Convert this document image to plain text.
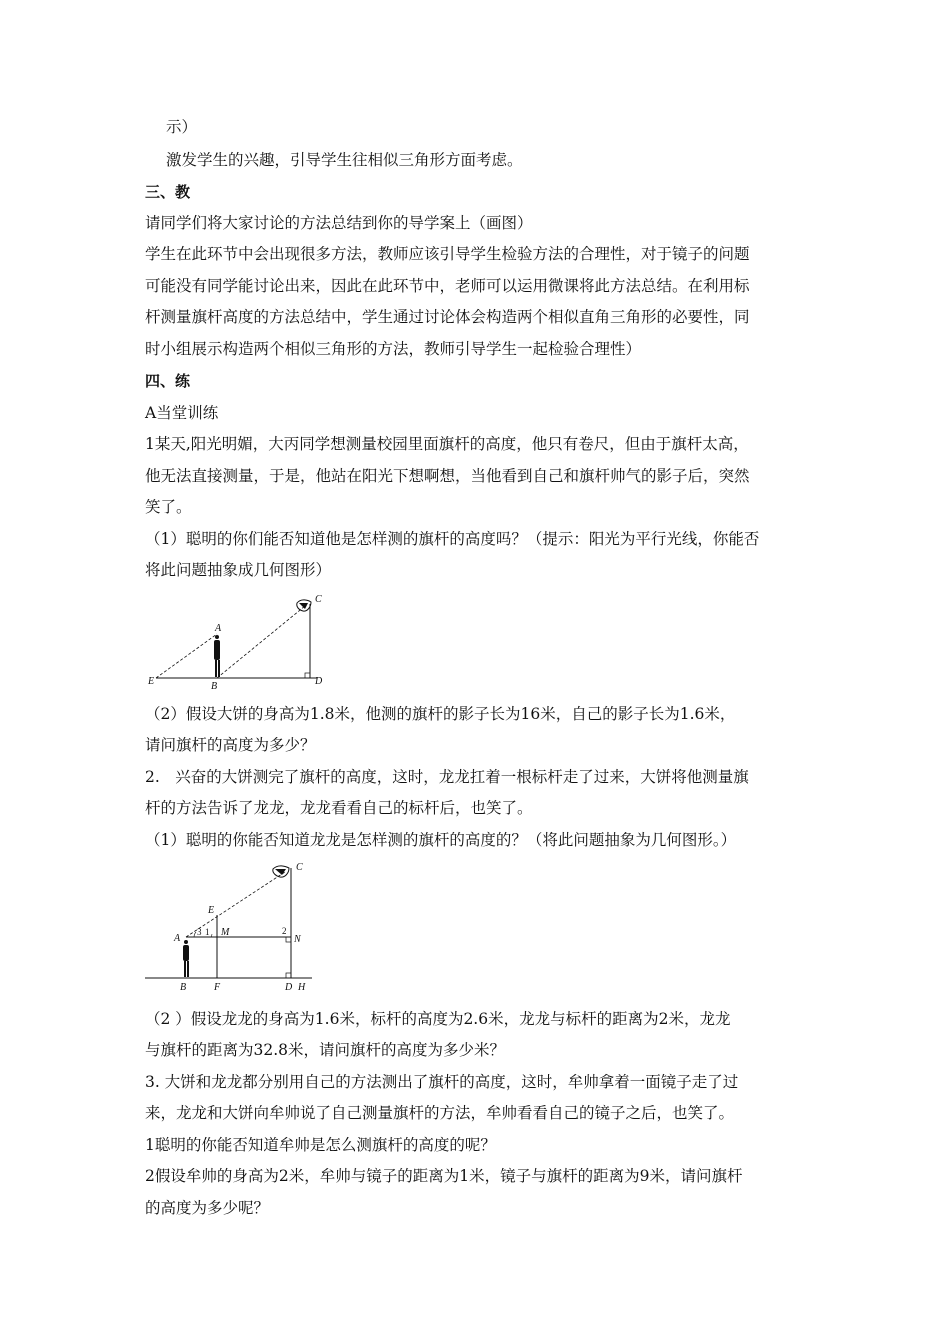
示）
激发学生的兴趣，引导学生往相似三角形方面考虑。
三、教
请同学们将大家讨论的方法总结到你的导学案上（画图）
学生在此环节中会出现很多方法，教师应该引导学生检验方法的合理性，对于镜子的问题
可能没有同学能讨论出来，因此在此环节中，老师可以运用微课将此方法总结。在利用标
杆测量旗杆高度的方法总结中，学生通过讨论体会构造两个相似直角三角形的必要性，同
时小组展示构造两个相似三角形的方法，教师引导学生一起检验合理性）
四、练
A当堂训练
1某天,阳光明媚，大丙同学想测量校园里面旗杆的高度，他只有卷尺，但由于旗杆太高，
他无法直接测量，于是，他站在阳光下想啊想，当他看到自己和旗杆帅气的影子后，突然
笑了。
（1）聪明的你们能否知道他是怎样测的旗杆的高度吗？（提示：阳光为平行光线，你能否
将此问题抽象成几何图形）
A
B
C
D
E
（2）假设大饼的身高为1.8米，他测的旗杆的影子长为16米，自己的影子长为1.6米，
请问旗杆的高度为多少？
2.　兴奋的大饼测完了旗杆的高度，这时，龙龙扛着一根标杆走了过来，大饼将他测量旗
杆的方法告诉了龙龙，龙龙看看自己的标杆后，也笑了。
（1）聪明的你能否知道龙龙是怎样测的旗杆的高度的？（将此问题抽象为几何图形。）
A
3 1 M
E
2
N
C
B	F	D H
（2 ）假设龙龙的身高为1.6米，标杆的高度为2.6米，龙龙与标杆的距离为2米，龙龙
与旗杆的距离为32.8米，请问旗杆的高度为多少米？
3. 大饼和龙龙都分别用自己的方法测出了旗杆的高度，这时，牟帅拿着一面镜子走了过
来，龙龙和大饼向牟帅说了自己测量旗杆的方法，牟帅看看自己的镜子之后，也笑了。
1聪明的你能否知道牟帅是怎么测旗杆的高度的呢？
2假设牟帅的身高为2米，牟帅与镜子的距离为1米，镜子与旗杆的距离为9米，请问旗杆
的高度为多少呢？
